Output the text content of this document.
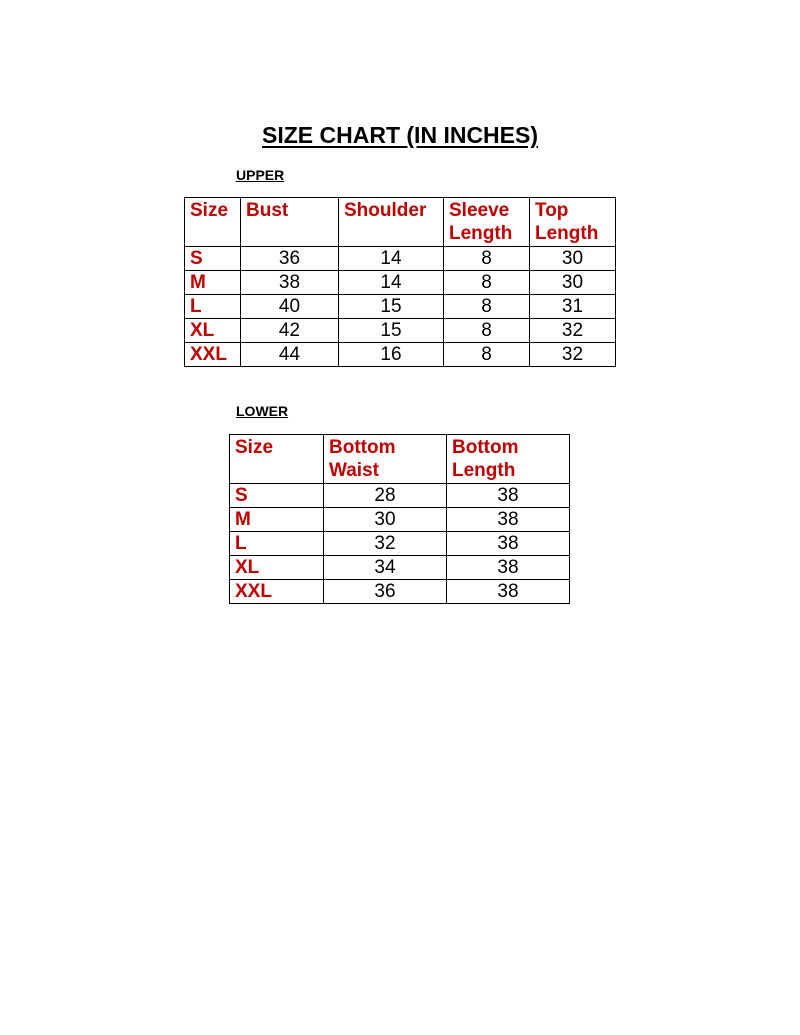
SIZE CHART (IN INCHES)

UPPER

Size	Bust	Shoulder	Sleeve Length	Top Length
S	36	14	8	30
M	38	14	8	30
L	40	15	8	31
XL	42	15	8	32
XXL	44	16	8	32

LOWER

Size	Bottom Waist	Bottom Length
S	28	38
M	30	38
L	32	38
XL	34	38
XXL	36	38
